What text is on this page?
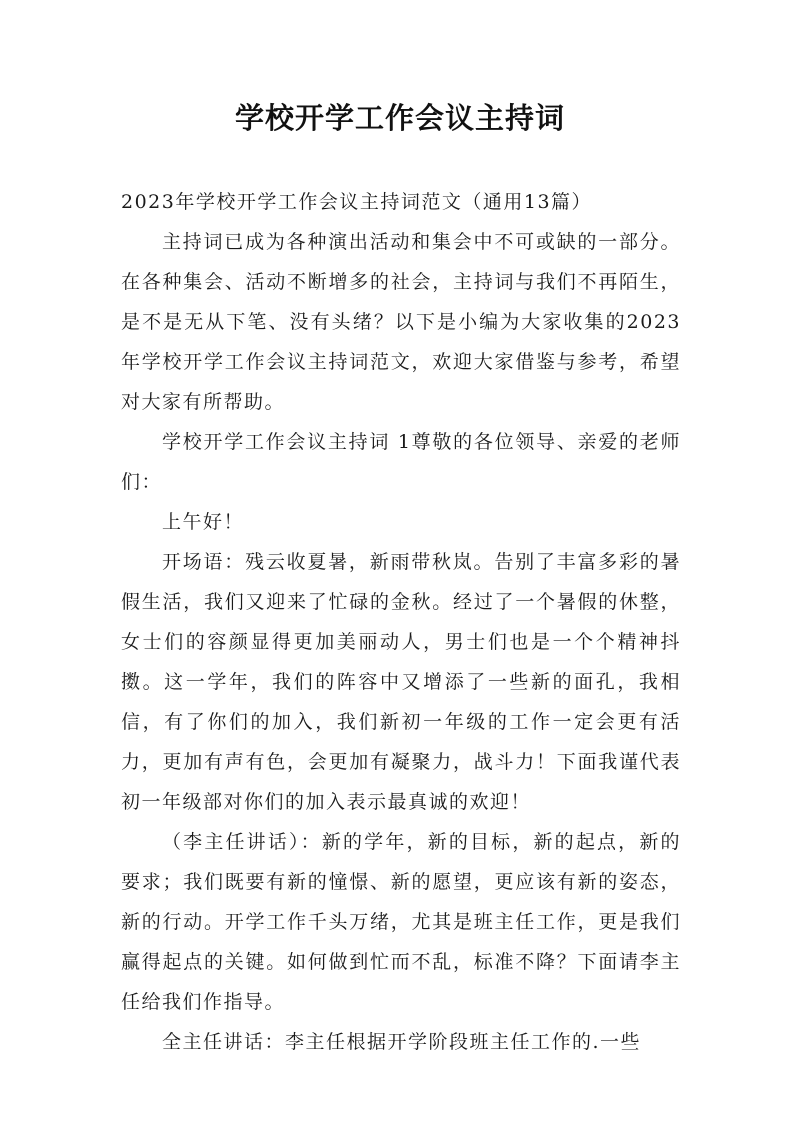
学校开学工作会议主持词

2023年学校开学工作会议主持词范文（通用13篇）

主持词已成为各种演出活动和集会中不可或缺的一部分。在各种集会、活动不断增多的社会，主持词与我们不再陌生，是不是无从下笔、没有头绪？以下是小编为大家收集的2023年学校开学工作会议主持词范文，欢迎大家借鉴与参考，希望对大家有所帮助。

学校开学工作会议主持词 1尊敬的各位领导、亲爱的老师们：

上午好！

开场语：残云收夏暑，新雨带秋岚。告别了丰富多彩的暑假生活，我们又迎来了忙碌的金秋。经过了一个暑假的休整，女士们的容颜显得更加美丽动人，男士们也是一个个精神抖擞。这一学年，我们的阵容中又增添了一些新的面孔，我相信，有了你们的加入，我们新初一年级的工作一定会更有活力，更加有声有色，会更加有凝聚力，战斗力！下面我谨代表初一年级部对你们的加入表示最真诚的欢迎！

（李主任讲话）：新的学年，新的目标，新的起点，新的要求；我们既要有新的憧憬、新的愿望，更应该有新的姿态，新的行动。开学工作千头万绪，尤其是班主任工作，更是我们赢得起点的关键。如何做到忙而不乱，标准不降？下面请李主任给我们作指导。

全主任讲话：李主任根据开学阶段班主任工作的.一些
